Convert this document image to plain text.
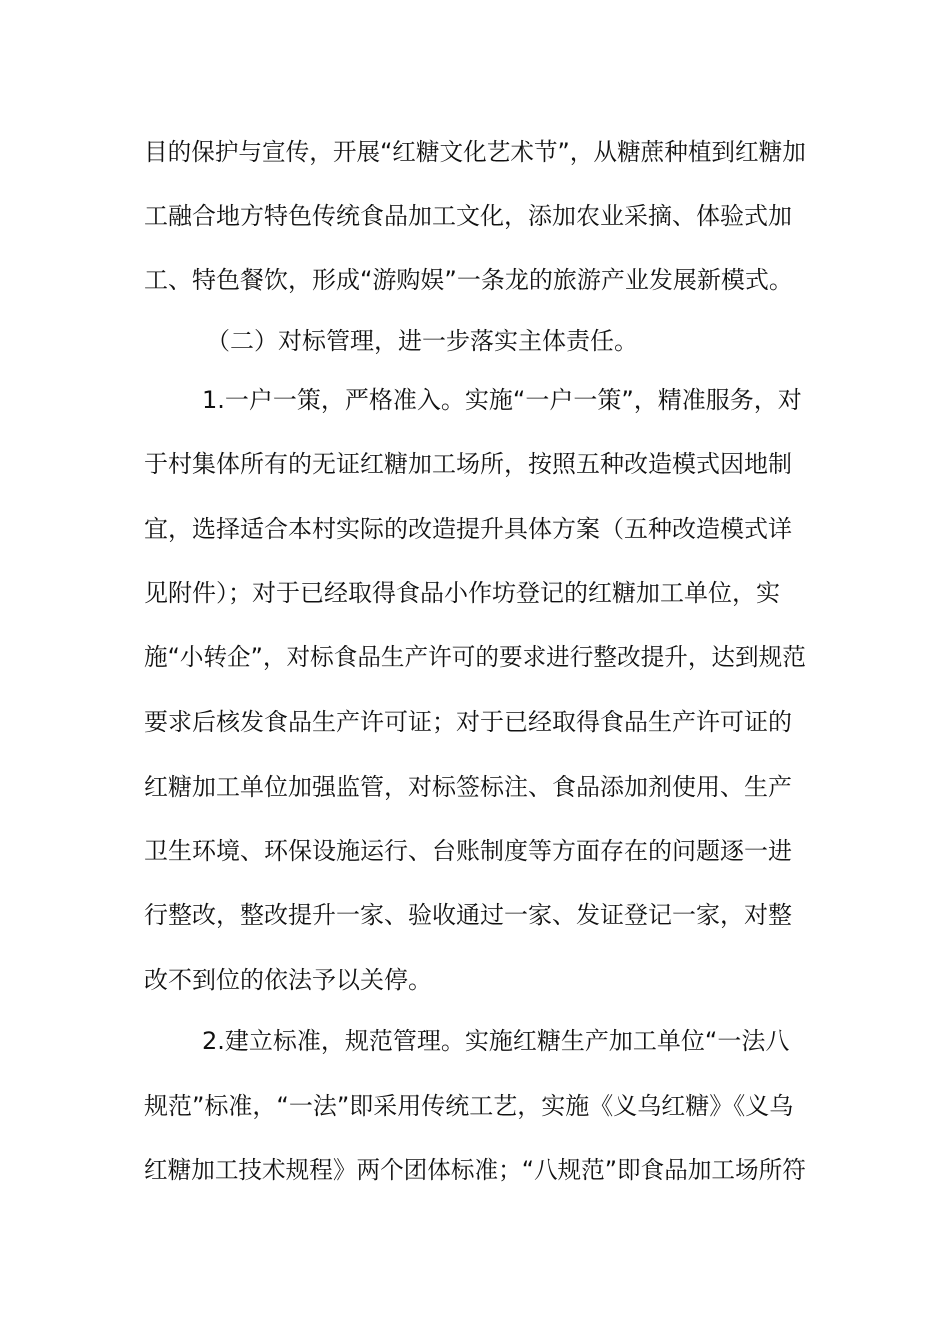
目的保护与宣传，开展“红糖文化艺术节”，从糖蔗种植到红糖加
工融合地方特色传统食品加工文化，添加农业采摘、体验式加
工、特色餐饮，形成“游购娱”一条龙的旅游产业发展新模式。
（二）对标管理，进一步落实主体责任。
1.一户一策，严格准入。实施“一户一策”，精准服务，对
于村集体所有的无证红糖加工场所，按照五种改造模式因地制
宜，选择适合本村实际的改造提升具体方案（五种改造模式详
见附件）；对于已经取得食品小作坊登记的红糖加工单位，实
施“小转企”，对标食品生产许可的要求进行整改提升，达到规范
要求后核发食品生产许可证；对于已经取得食品生产许可证的
红糖加工单位加强监管，对标签标注、食品添加剂使用、生产
卫生环境、环保设施运行、台账制度等方面存在的问题逐一进
行整改，整改提升一家、验收通过一家、发证登记一家，对整
改不到位的依法予以关停。
2.建立标准，规范管理。实施红糖生产加工单位“一法八
规范”标准，“一法”即采用传统工艺，实施《义乌红糖》《义乌
红糖加工技术规程》两个团体标准；“八规范”即食品加工场所符
